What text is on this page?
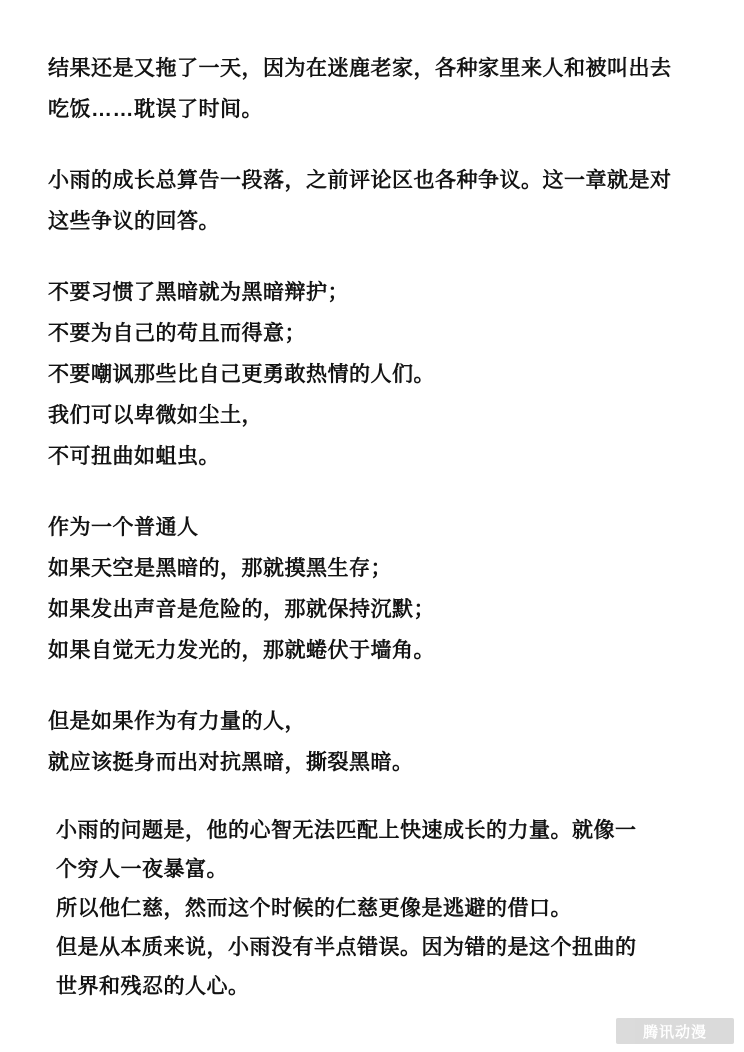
结果还是又拖了一天，因为在迷鹿老家，各种家里来人和被叫出去
吃饭……耽误了时间。
小雨的成长总算告一段落，之前评论区也各种争议。这一章就是对
这些争议的回答。
不要习惯了黑暗就为黑暗辩护；
不要为自己的苟且而得意；
不要嘲讽那些比自己更勇敢热情的人们。
我们可以卑微如尘土，
不可扭曲如蛆虫。
作为一个普通人
如果天空是黑暗的，那就摸黑生存；
如果发出声音是危险的，那就保持沉默；
如果自觉无力发光的，那就蜷伏于墙角。
但是如果作为有力量的人，
就应该挺身而出对抗黑暗，撕裂黑暗。
小雨的问题是，他的心智无法匹配上快速成长的力量。就像一
个穷人一夜暴富。
所以他仁慈，然而这个时候的仁慈更像是逃避的借口。
但是从本质来说，小雨没有半点错误。因为错的是这个扭曲的
世界和残忍的人心。
腾讯动漫
